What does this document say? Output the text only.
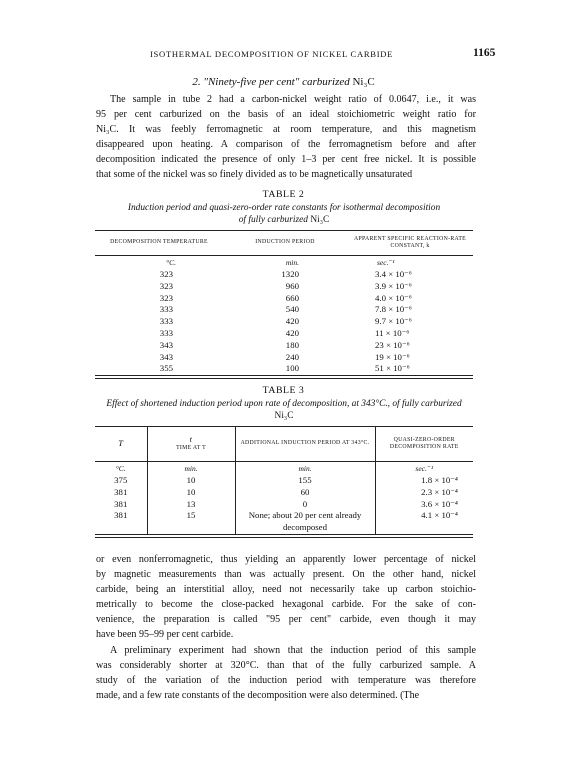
ISOTHERMAL DECOMPOSITION OF NICKEL CARBIDE	1165
2. "Ninety-five per cent" carburized Ni₃C

The sample in tube 2 had a carbon-nickel weight ratio of 0.0647, i.e., it was
95 per cent carburized on the basis of an ideal stoichiometric weight ratio for
Ni₃C. It was feebly ferromagnetic at room temperature, and this magnetism
disappeared upon heating. A comparison of the ferromagnetism before and after
decomposition indicated the presence of only 1–3 per cent free nickel. It is possible
that some of the nickel was so finely divided as to be magnetically unsaturated

TABLE 2
Induction period and quasi-zero-order rate constants for isothermal decomposition
of fully carburized Ni₃C
DECOMPOSITION TEMPERATURE	INDUCTION PERIOD	APPARENT SPECIFIC REACTION-RATE CONSTANT, k
°C.	min.	sec.⁻¹
323	1320	3.4 × 10⁻⁶
323	960	3.9 × 10⁻⁶
323	660	4.0 × 10⁻⁶
333	540	7.8 × 10⁻⁶
333	420	9.7 × 10⁻⁶
333	420	11 × 10⁻⁶
343	180	23 × 10⁻⁶
343	240	19 × 10⁻⁶
355	100	51 × 10⁻⁶

TABLE 3
Effect of shortened induction period upon rate of decomposition, at 343°C., of fully carburized
Ni₃C
T	t
TIME AT T	ADDITIONAL INDUCTION PERIOD AT 343°C.	QUASI-ZERO-ORDER DECOMPOSITION RATE
°C.	min.	min.	sec.⁻¹
375	10	155	1.8 × 10⁻⁴
381	10	60	2.3 × 10⁻⁴
381	13	0	3.6 × 10⁻⁴
381	15	None; about 20 per cent already decomposed	4.1 × 10⁻⁴

or even nonferromagnetic, thus yielding an apparently lower percentage of nickel
by magnetic measurements than was actually present. On the other hand, nickel
carbide, being an interstitial alloy, need not necessarily take up carbon stoichio-
metrically to become the close-packed hexagonal carbide. For the sake of con-
venience, the preparation is called "95 per cent" carbide, even though it may
have been 95–99 per cent carbide.

A preliminary experiment had shown that the induction period of this sample
was considerably shorter at 320°C. than that of the fully carburized sample. A
study of the variation of the induction period with temperature was therefore
made, and a few rate constants of the decomposition were also determined. (The
